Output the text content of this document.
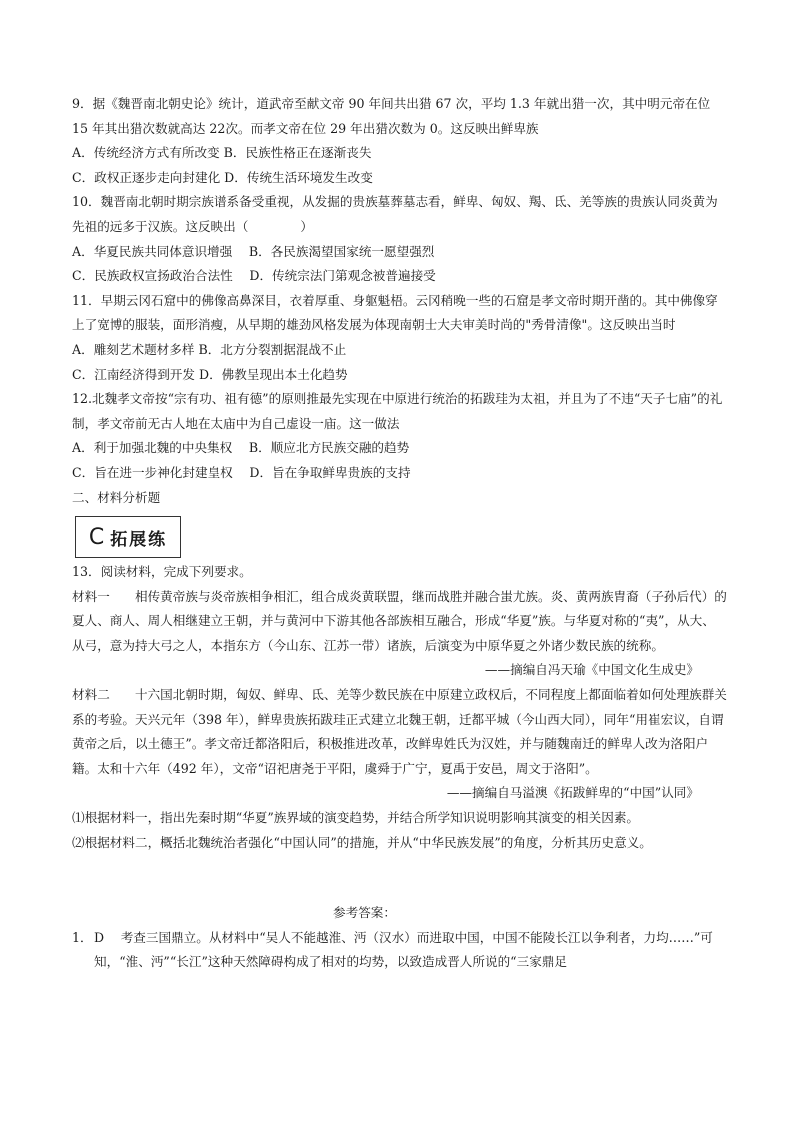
9．据《魏晋南北朝史论》统计，道武帝至献文帝 90 年间共出猎 67 次，平均 1.3 年就出猎一次，其中明元帝在位 15 年其出猎次数就高达 22次。而孝文帝在位 29 年出猎次数为 0。这反映出鲜卑族

A．传统经济方式有所改变 B．民族性格正在逐渐丧失

C．政权正逐步走向封建化 D．传统生活环境发生改变

10．魏晋南北朝时期宗族谱系备受重视，从发掘的贵族墓葬墓志看，鲜卑、匈奴、羯、氐、羌等族的贵族认同炎黄为先祖的远多于汉族。这反映出（	）

A．华夏民族共同体意识增强　 B．各民族渴望国家统一愿望强烈

C．民族政权宣扬政治合法性　 D．传统宗法门第观念被普遍接受

11．早期云冈石窟中的佛像高鼻深目，衣着厚重、身躯魁梧。云冈稍晚一些的石窟是孝文帝时期开凿的。其中佛像穿上了宽博的服装，面形消瘦，从早期的雄劲风格发展为体现南朝士大夫审美时尚的"秀骨清像"。这反映出当时

A．雕刻艺术题材多样 B．北方分裂割据混战不止

C．江南经济得到开发 D．佛教呈现出本土化趋势

12.北魏孝文帝按“宗有功、祖有德”的原则推最先实现在中原进行统治的拓跋珪为太祖，并且为了不违“天子七庙”的礼制，孝文帝前无古人地在太庙中为自己虚设一庙。这一做法

A．利于加强北魏的中央集权　 B．顺应北方民族交融的趋势

C．旨在进一步神化封建皇权　 D．旨在争取鲜卑贵族的支持

二、材料分析题

C 拓展练

13．阅读材料，完成下列要求。

材料一　　相传黄帝族与炎帝族相争相汇，组合成炎黄联盟，继而战胜并融合蚩尤族。炎、黄两族胄裔（子孙后代）的夏人、商人、周人相继建立王朝，并与黄河中下游其他各部族相互融合，形成“华夏”族。与华夏对称的“夷”，从大、从弓，意为持大弓之人，本指东方（今山东、江苏一带）诸族，后演变为中原华夏之外诸少数民族的统称。

——摘编自冯天瑜《中国文化生成史》

材料二　　十六国北朝时期，匈奴、鲜卑、氐、羌等少数民族在中原建立政权后，不同程度上都面临着如何处理族群关系的考验。天兴元年（398 年），鲜卑贵族拓跋珪正式建立北魏王朝，迁都平城（今山西大同），同年“用崔宏议，自谓黄帝之后，以土德王”。孝文帝迁都洛阳后，积极推进改革，改鲜卑姓氏为汉姓，并与随魏南迁的鲜卑人改为洛阳户籍。太和十六年（492 年），文帝“诏祀唐尧于平阳，虞舜于广宁，夏禹于安邑，周文于洛阳”。

——摘编自马溢澳《拓跋鲜卑的“中国”认同》

⑴根据材料一，指出先秦时期“华夏”族界域的演变趋势，并结合所学知识说明影响其演变的相关因素。

⑵根据材料二，概括北魏统治者强化“中国认同”的措施，并从“中华民族发展”的角度，分析其历史意义。

参考答案：

1． D　 考查三国鼎立。从材料中“吴人不能越淮、沔（汉水）而进取中国，中国不能陵长江以争利者，力均……”可知，“淮、沔”“长江”这种天然障碍构成了相对的均势，以致造成晋人所说的“三家鼎足
